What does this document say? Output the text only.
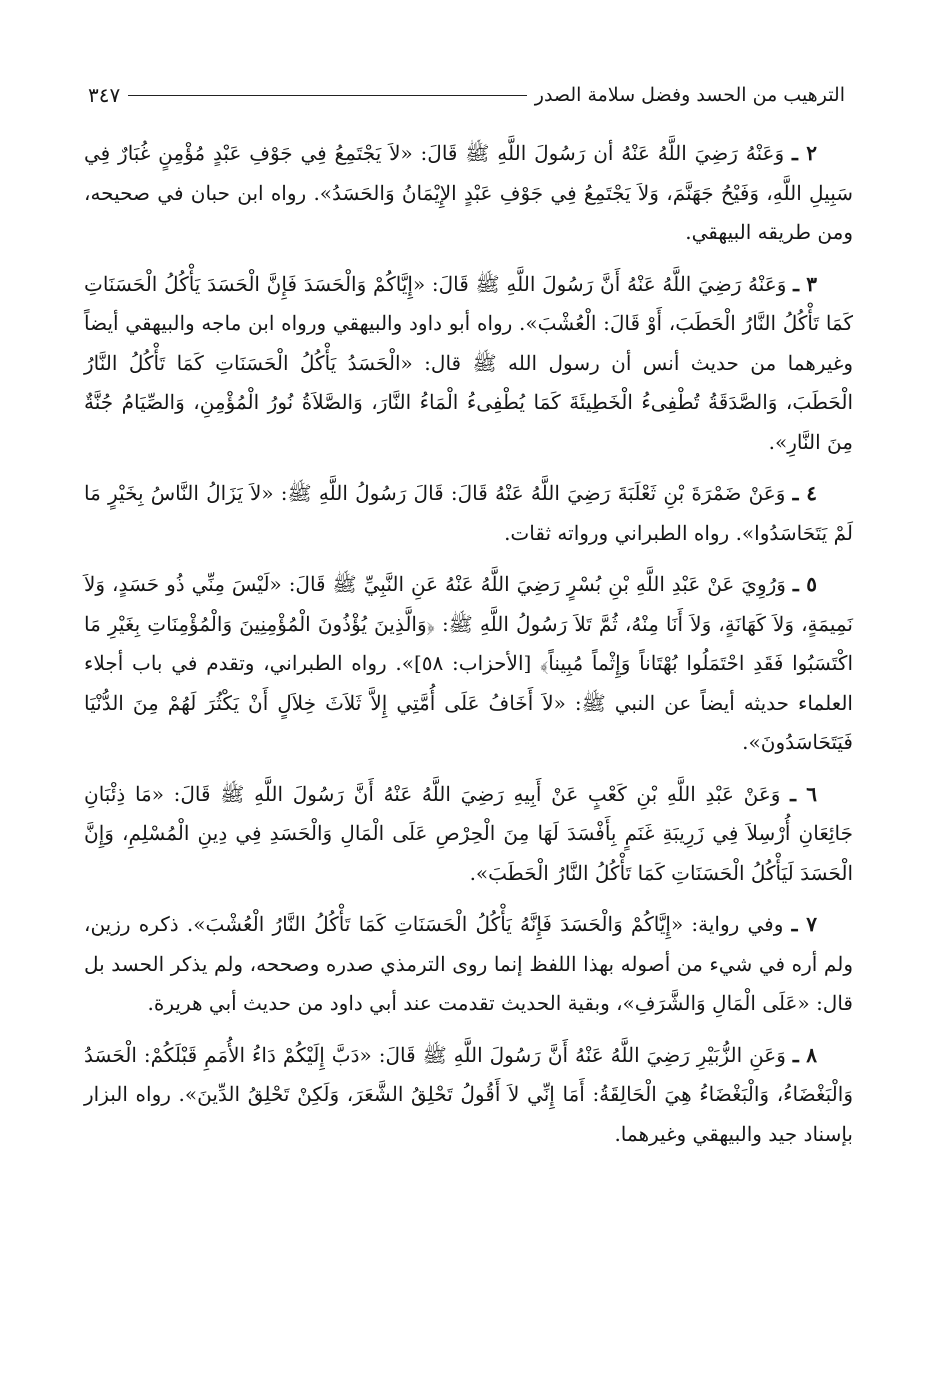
الترهيب من الحسد وفضل سلامة الصدر
٣٤٧

٢ ـ وَعَنْهُ رَضِيَ اللَّهُ عَنْهُ أن رَسُولَ اللَّهِ ﷺ قَالَ: «لاَ يَجْتَمِعُ فِي جَوْفِ عَبْدٍ مُؤْمِنٍ غُبَارٌ فِي سَبِيلِ اللَّهِ، وَفَيْحُ جَهَنَّمَ، وَلاَ يَجْتَمِعُ فِي جَوْفِ عَبْدٍ الإِيْمَانُ وَالحَسَدُ». رواه ابن حبان في صحيحه، ومن طريقه البيهقي.

٣ ـ وَعَنْهُ رَضِيَ اللَّهُ عَنْهُ أَنَّ رَسُولَ اللَّهِ ﷺ قَالَ: «إِيَّاكُمْ وَالْحَسَدَ فَإِنَّ الْحَسَدَ يَأْكُلُ الْحَسَنَاتِ كَمَا تَأْكُلُ النَّارُ الْحَطَبَ، أَوْ قَالَ: الْعُشْبَ». رواه أبو داود والبيهقي ورواه ابن ماجه والبيهقي أيضاً وغيرهما من حديث أنس أن رسول الله ﷺ قال: «الْحَسَدُ يَأْكُلُ الْحَسَنَاتِ كَمَا تَأْكُلُ النَّارُ الْحَطَبَ، وَالصَّدَقَةُ تُطْفِىءُ الْخَطِيئَةَ كَمَا يُطْفِىءُ الْمَاءُ النَّارَ، وَالصَّلاَةُ نُورُ الْمُؤْمِنِ، وَالصِّيَامُ جُنَّةٌ مِنَ النَّارِ».

٤ ـ وَعَنْ ضَمْرَةَ بْنِ ثَعْلَبَةَ رَضِيَ اللَّهُ عَنْهُ قَالَ: قَالَ رَسُولُ اللَّهِ ﷺ: «لاَ يَزَالُ النَّاسُ بِخَيْرٍ مَا لَمْ يَتَحَاسَدُوا». رواه الطبراني ورواته ثقات.

٥ ـ وَرُوِيَ عَنْ عَبْدِ اللَّهِ بْنِ بُسْرٍ رَضِيَ اللَّهُ عَنْهُ عَنِ النَّبِيِّ ﷺ قَالَ: «لَيْسَ مِنِّي ذُو حَسَدٍ، وَلاَ نَمِيمَةٍ، وَلاَ كَهَانَةٍ، وَلاَ أَنَا مِنْهُ، ثُمَّ تَلاَ رَسُولُ اللَّهِ ﷺ: ﴿وَالَّذِينَ يُؤْذُونَ الْمُؤْمِنِينَ وَالْمُؤْمِنَاتِ بِغَيْرِ مَا اكْتَسَبُوا فَقَدِ احْتَمَلُوا بُهْتَاناً وَإِثْماً مُبِيناً﴾ [الأحزاب: ٥٨]». رواه الطبراني، وتقدم في باب أجلاء العلماء حديثه أيضاً عن النبي ﷺ: «لاَ أَخَافُ عَلَى أُمَّتِي إِلاَّ ثَلاَثَ خِلاَلٍ أَنْ يَكْثُرَ لَهُمْ مِنَ الدُّنْيَا فَيَتَحَاسَدُونَ».

٦ ـ وَعَنْ عَبْدِ اللَّهِ بْنِ كَعْبٍ عَنْ أَبِيهِ رَضِيَ اللَّهُ عَنْهُ أَنَّ رَسُولَ اللَّهِ ﷺ قَالَ: «مَا ذِئْبَانِ جَائِعَانِ أُرْسِلاَ فِي زَرِيبَةِ غَنَمٍ بِأَفْسَدَ لَهَا مِنَ الْحِرْصِ عَلَى الْمَالِ وَالْحَسَدِ فِي دِينِ الْمُسْلِمِ، وَإِنَّ الْحَسَدَ لَيَأْكُلُ الْحَسَنَاتِ كَمَا تَأْكُلُ النَّارُ الْحَطَبَ».

٧ ـ وفي رواية: «إِيَّاكُمْ وَالْحَسَدَ فَإِنَّهُ يَأْكُلُ الْحَسَنَاتِ كَمَا تَأْكُلُ النَّارُ الْعُشْبَ». ذكره رزين، ولم أره في شيء من أصوله بهذا اللفظ إنما روى الترمذي صدره وصححه، ولم يذكر الحسد بل قال: «عَلَى الْمَالِ وَالشَّرَفِ»، وبقية الحديث تقدمت عند أبي داود من حديث أبي هريرة.

٨ ـ وَعَنِ الزُّبَيْرِ رَضِيَ اللَّهُ عَنْهُ أَنَّ رَسُولَ اللَّهِ ﷺ قَالَ: «دَبَّ إِلَيْكُمْ دَاءُ الأُمَمِ قَبْلَكُمْ: الْحَسَدُ وَالْبَغْضَاءُ، وَالْبَغْضَاءُ هِيَ الْحَالِقَةُ: أَمَا إِنِّي لاَ أَقُولُ تَحْلِقُ الشَّعَرَ، وَلَكِنْ تَحْلِقُ الدِّينَ». رواه البزار بإسناد جيد والبيهقي وغيرهما.
